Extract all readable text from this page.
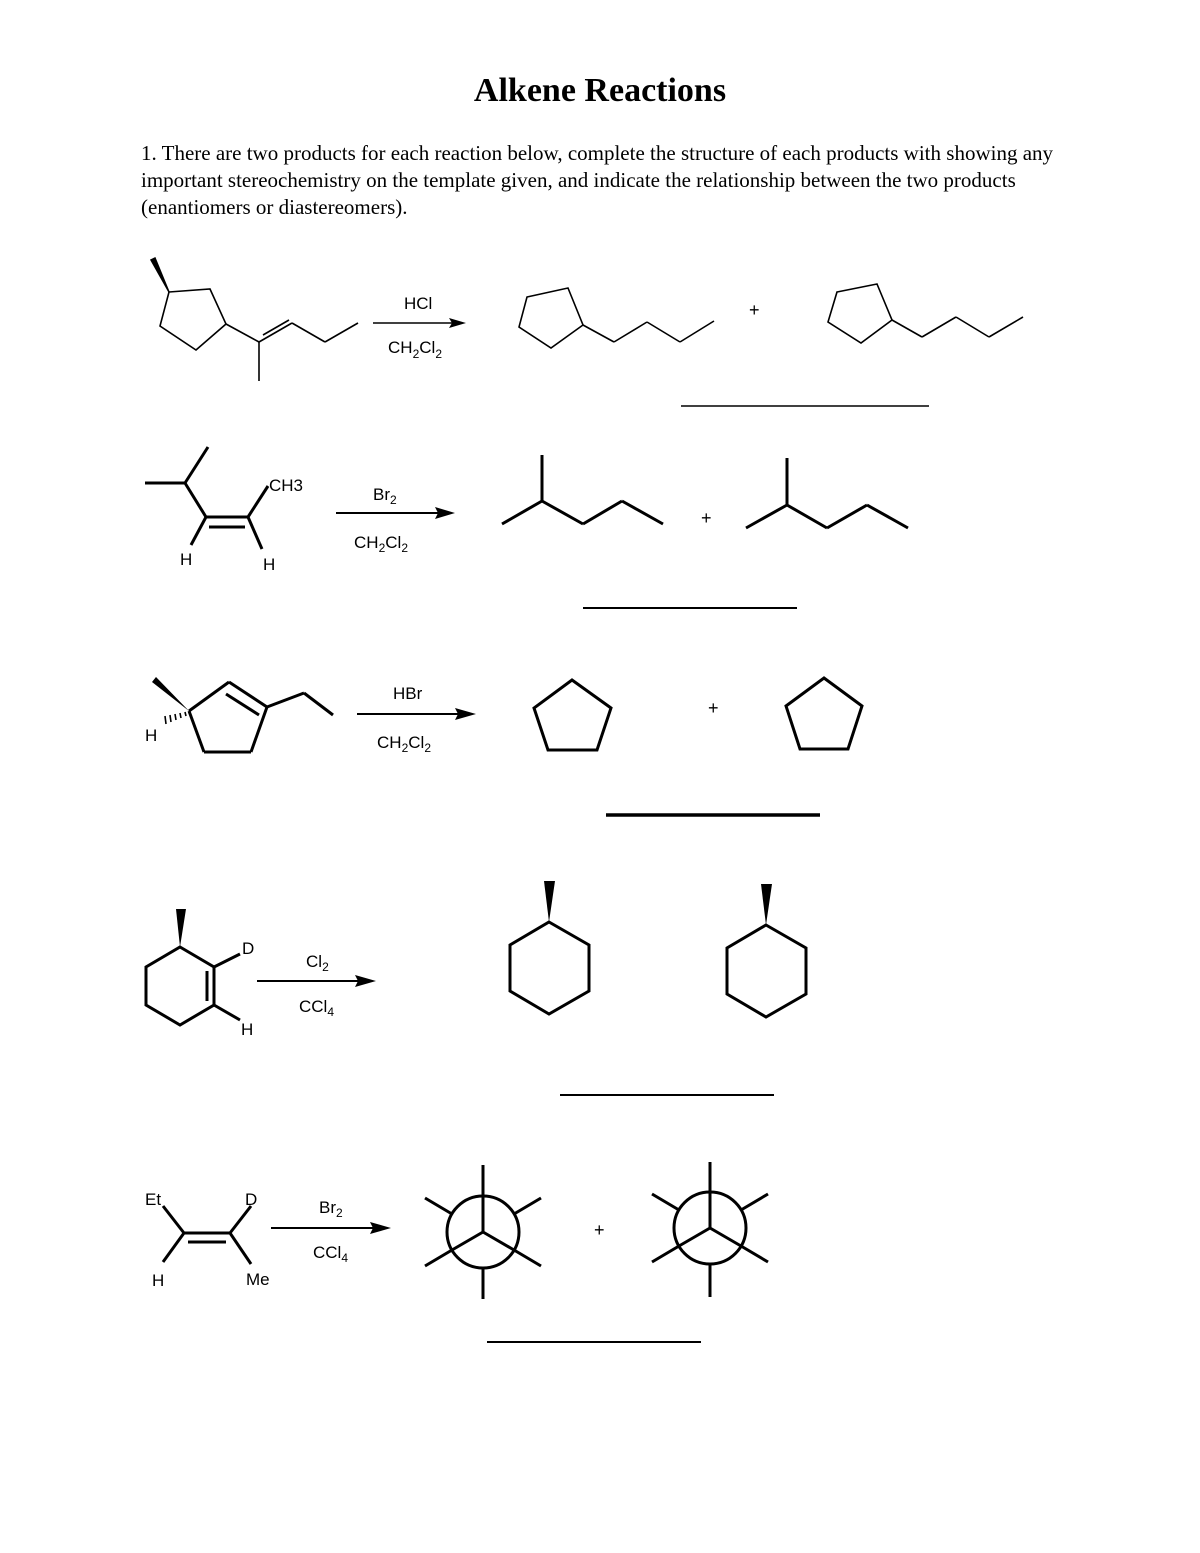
Alkene Reactions
1. There are two products for each reaction below, complete the structure of each products with showing any important stereochemistry on the template given, and indicate the relationship between the two products (enantiomers or diastereomers).
HCl
$CH_2Cl_2$
+
CH3
H	H
$Br_2$
$CH_2Cl_2$
+
H
HBr
$CH_2Cl_2$
+
D
H
$Cl_2$
CCl$_4$
Et	D
H	Me
$Br_2$
CCl$_4$
+
